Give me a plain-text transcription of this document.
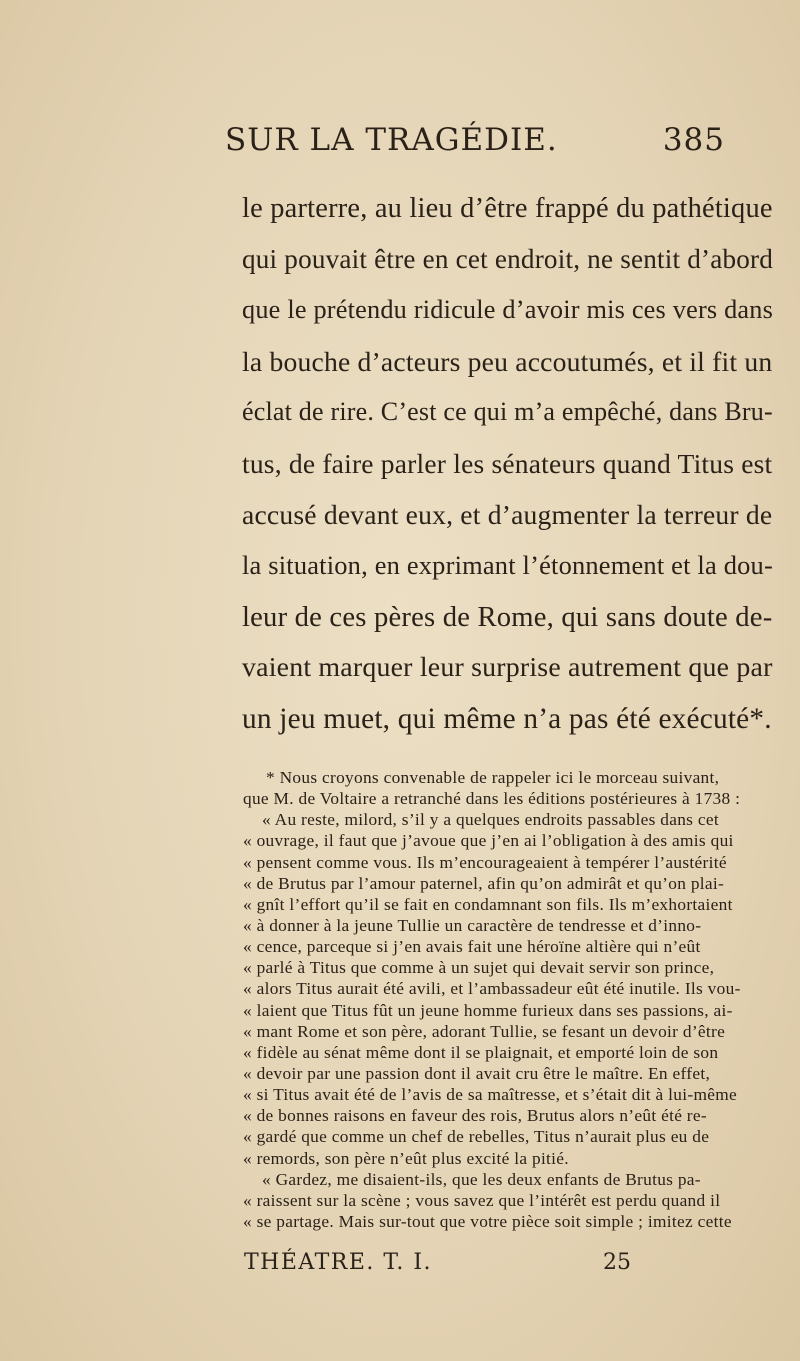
SUR LA TRAGÉDIE.	385
le parterre, au lieu d’être frappé du pathétique
qui pouvait être en cet endroit, ne sentit d’abord
que le prétendu ridicule d’avoir mis ces vers dans
la bouche d’acteurs peu accoutumés, et il fit un
éclat de rire. C’est ce qui m’a empêché, dans Bru-
tus, de faire parler les sénateurs quand Titus est
accusé devant eux, et d’augmenter la terreur de
la situation, en exprimant l’étonnement et la dou-
leur de ces pères de Rome, qui sans doute de-
vaient marquer leur surprise autrement que par
un jeu muet, qui même n’a pas été exécuté*.
* Nous croyons convenable de rappeler ici le morceau suivant,
que M. de Voltaire a retranché dans les éditions postérieures à 1738 :
« Au reste, milord, s’il y a quelques endroits passables dans cet
« ouvrage, il faut que j’avoue que j’en ai l’obligation à des amis qui
« pensent comme vous. Ils m’encourageaient à tempérer l’austérité
« de Brutus par l’amour paternel, afin qu’on admirât et qu’on plai-
« gnît l’effort qu’il se fait en condamnant son fils. Ils m’exhortaient
« à donner à la jeune Tullie un caractère de tendresse et d’inno-
« cence, parceque si j’en avais fait une héroïne altière qui n’eût
« parlé à Titus que comme à un sujet qui devait servir son prince,
« alors Titus aurait été avili, et l’ambassadeur eût été inutile. Ils vou-
« laient que Titus fût un jeune homme furieux dans ses passions, ai-
« mant Rome et son père, adorant Tullie, se fesant un devoir d’être
« fidèle au sénat même dont il se plaignait, et emporté loin de son
« devoir par une passion dont il avait cru être le maître. En effet,
« si Titus avait été de l’avis de sa maîtresse, et s’était dit à lui-même
« de bonnes raisons en faveur des rois, Brutus alors n’eût été re-
« gardé que comme un chef de rebelles, Titus n’aurait plus eu de
« remords, son père n’eût plus excité la pitié.
« Gardez, me disaient-ils, que les deux enfants de Brutus pa-
« raissent sur la scène ; vous savez que l’intérêt est perdu quand il
« se partage. Mais sur-tout que votre pièce soit simple ; imitez cette
THÉATRE. T. I.	25
